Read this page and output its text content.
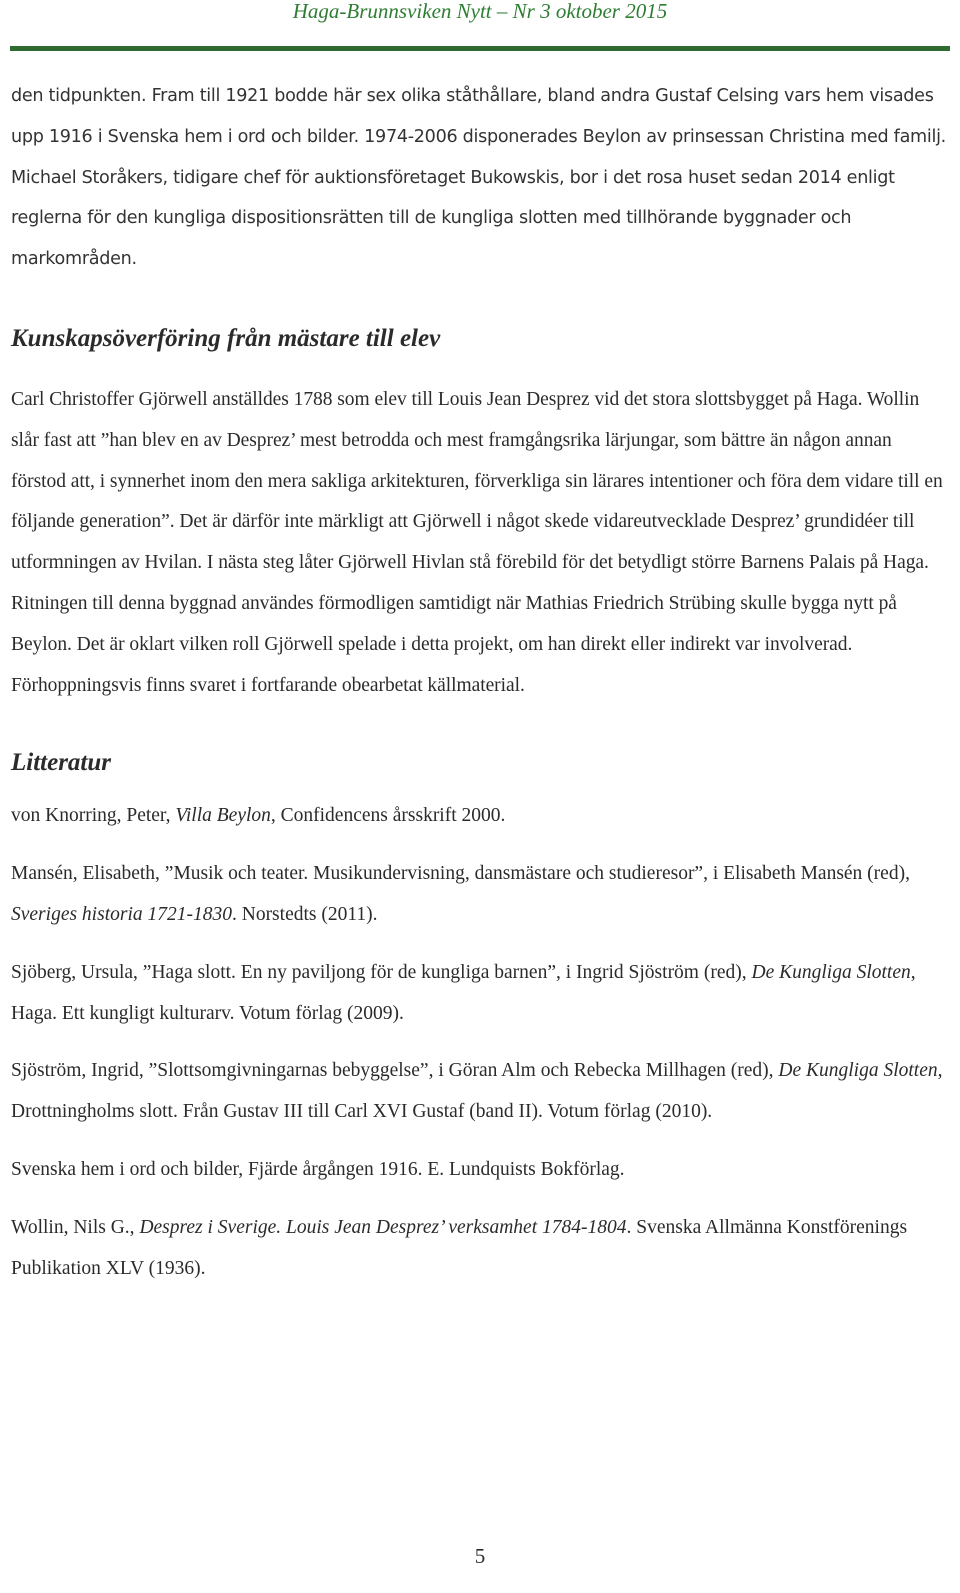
Haga-Brunnsviken Nytt – Nr 3 oktober 2015

den tidpunkten. Fram till 1921 bodde här sex olika ståthållare, bland andra Gustaf Celsing vars hem visades upp 1916 i Svenska hem i ord och bilder. 1974-2006 disponerades Beylon av prinsessan Christina med familj. Michael Storåkers, tidigare chef för auktionsföretaget Bukowskis, bor i det rosa huset sedan 2014 enligt reglerna för den kungliga dispositionsrätten till de kungliga slotten med tillhörande byggnader och markområden.

Kunskapsöverföring från mästare till elev

Carl Christoffer Gjörwell anställdes 1788 som elev till Louis Jean Desprez vid det stora slottsbygget på Haga. Wollin slår fast att ”han blev en av Desprez’ mest betrodda och mest framgångsrika lärjungar, som bättre än någon annan förstod att, i synnerhet inom den mera sakliga arkitekturen, förverkliga sin lärares intentioner och föra dem vidare till en följande generation”. Det är därför inte märkligt att Gjörwell i något skede vidareutvecklade Desprez’ grundidéer till utformningen av Hvilan. I nästa steg låter Gjörwell Hivlan stå förebild för det betydligt större Barnens Palais på Haga. Ritningen till denna byggnad användes förmodligen samtidigt när Mathias Friedrich Strübing skulle bygga nytt på Beylon. Det är oklart vilken roll Gjörwell spelade i detta projekt, om han direkt eller indirekt var involverad. Förhoppningsvis finns svaret i fortfarande obearbetat källmaterial.

Litteratur

von Knorring, Peter, Villa Beylon, Confidencens årsskrift 2000.

Mansén, Elisabeth, ”Musik och teater. Musikundervisning, dansmästare och studieresor”, i Elisabeth Mansén (red), Sveriges historia 1721-1830. Norstedts (2011).

Sjöberg, Ursula, ”Haga slott. En ny paviljong för de kungliga barnen”, i Ingrid Sjöström (red), De Kungliga Slotten, Haga. Ett kungligt kulturarv. Votum förlag (2009).

Sjöström, Ingrid, ”Slottsomgivningarnas bebyggelse”, i Göran Alm och Rebecka Millhagen (red), De Kungliga Slotten, Drottningholms slott. Från Gustav III till Carl XVI Gustaf (band II). Votum förlag (2010).

Svenska hem i ord och bilder, Fjärde årgången 1916. E. Lundquists Bokförlag.

Wollin, Nils G., Desprez i Sverige. Louis Jean Desprez’ verksamhet 1784-1804. Svenska Allmänna Konstförenings Publikation XLV (1936).

5
